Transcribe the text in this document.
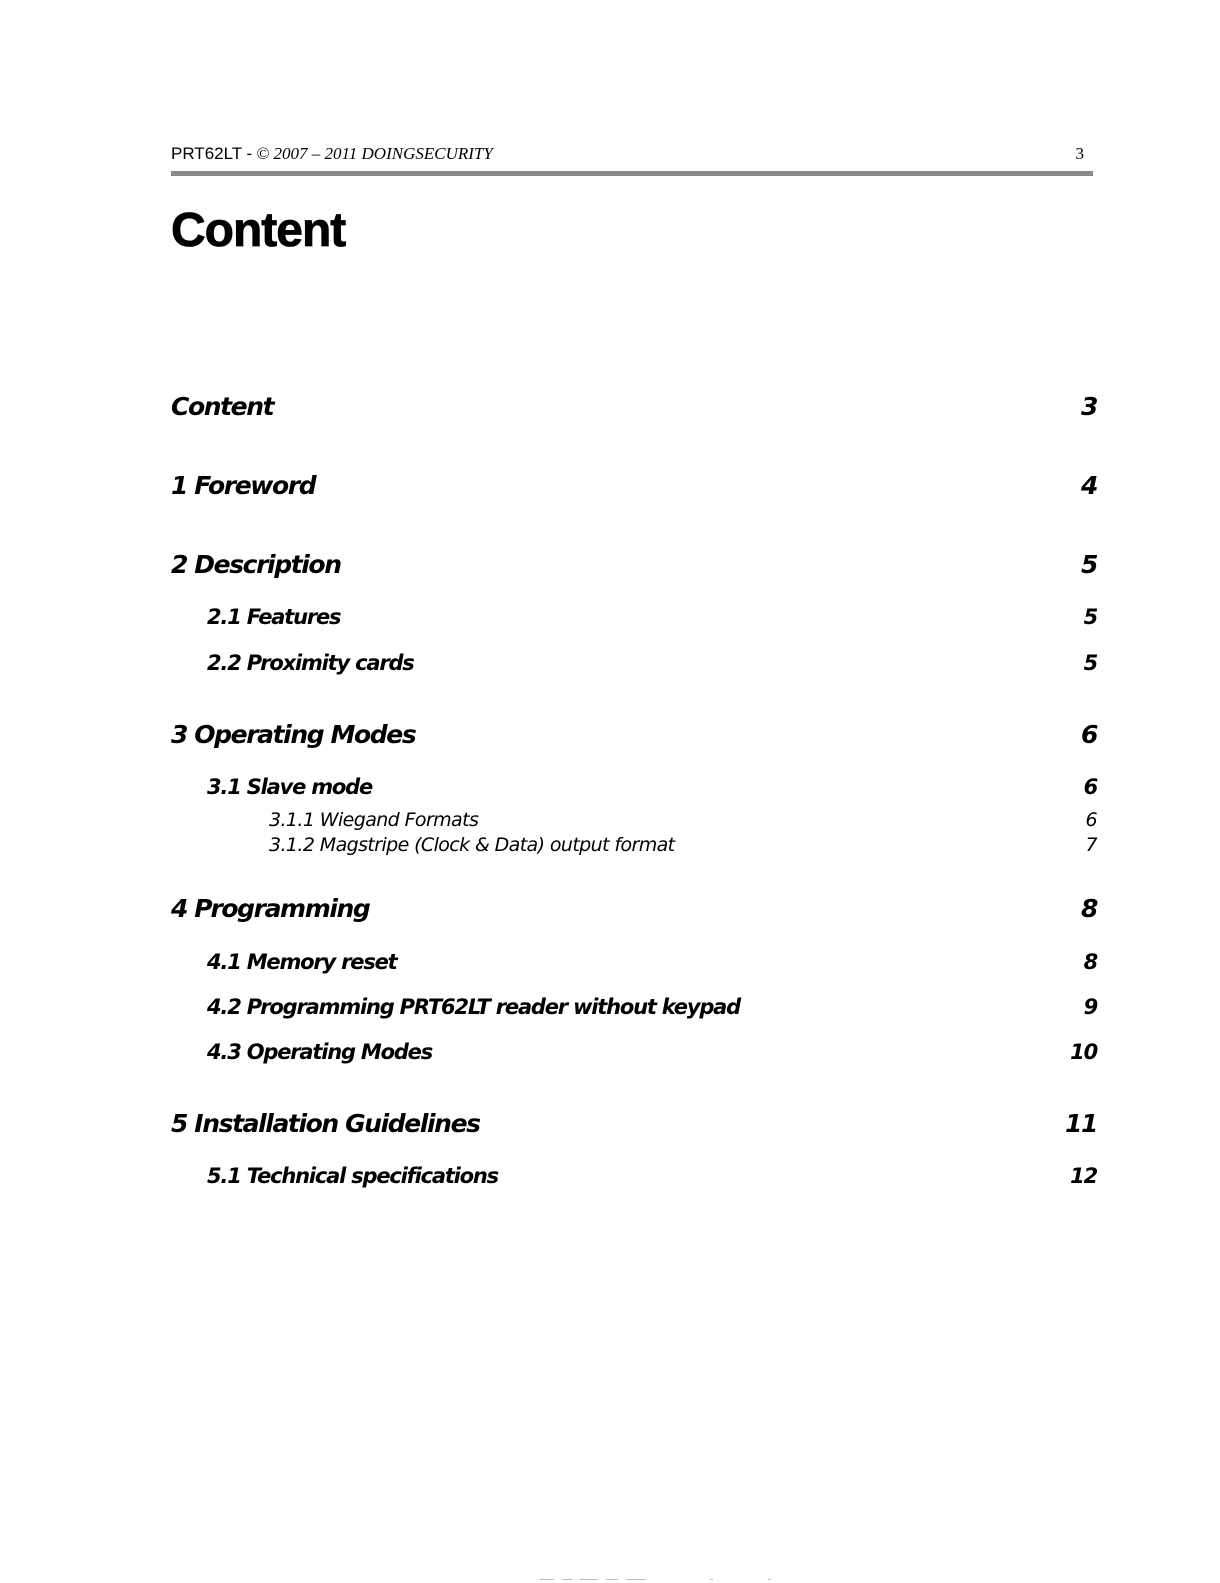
PRT62LT - © 2007 – 2011 DOINGSECURITY	3
Content
Content	3
1 Foreword	4
2 Description	5
2.1 Features	5
2.2 Proximity cards	5
3 Operating Modes	6
3.1 Slave mode	6
3.1.1 Wiegand Formats	6
3.1.2 Magstripe (Clock & Data) output format	7
4 Programming	8
4.1 Memory reset	8
4.2 Programming PRT62LT reader without keypad	9
4.3 Operating Modes	10
5 Installation Guidelines	11
5.1 Technical specifications	12
